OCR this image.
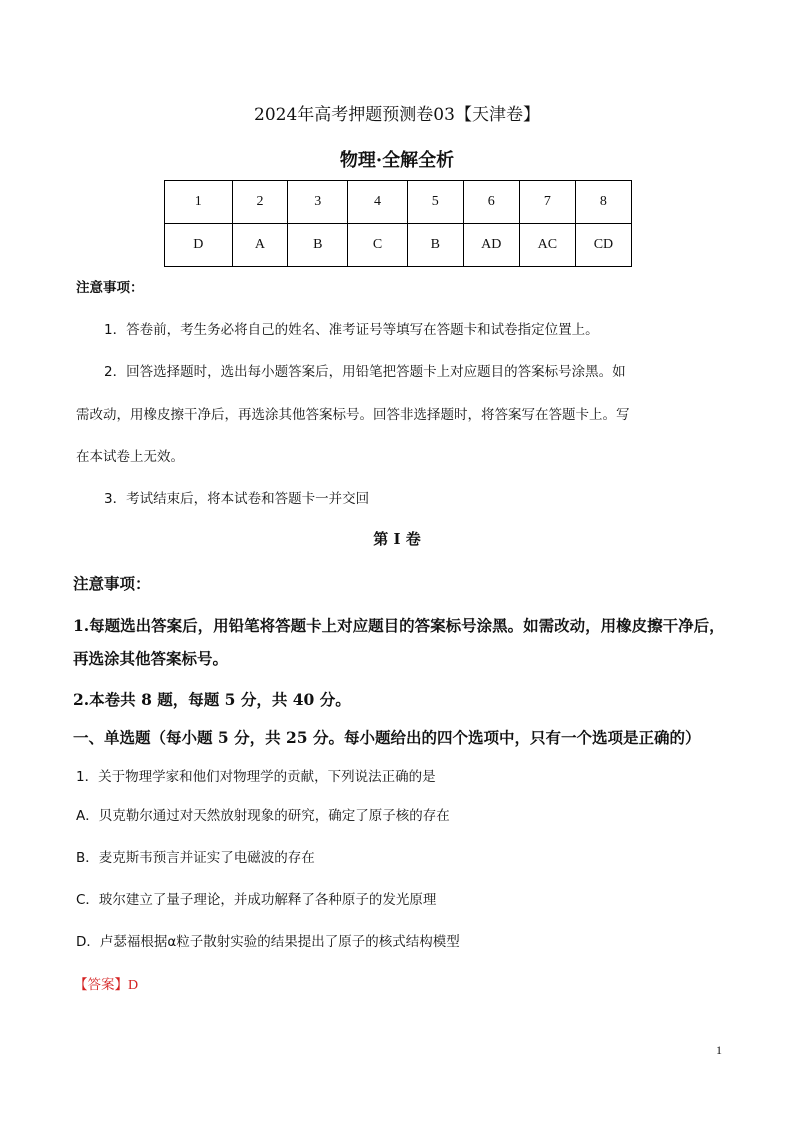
2024年高考押题预测卷03【天津卷】
物理·全解全析
1	2	3	4	5	6	7	8
D	A	B	C	B	AD	AC	CD
注意事项：
1．答卷前，考生务必将自己的姓名、准考证号等填写在答题卡和试卷指定位置上。
2．回答选择题时，选出每小题答案后，用铅笔把答题卡上对应题目的答案标号涂黑。如
需改动，用橡皮擦干净后，再选涂其他答案标号。回答非选择题时，将答案写在答题卡上。写
在本试卷上无效。
3．考试结束后，将本试卷和答题卡一并交回
第 I 卷
注意事项：
1.每题选出答案后，用铅笔将答题卡上对应题目的答案标号涂黑。如需改动，用橡皮擦干净后，
再选涂其他答案标号。
2.本卷共 8 题，每题 5 分，共 40 分。
一、单选题（每小题 5 分，共 25 分。每小题给出的四个选项中，只有一个选项是正确的）
1．关于物理学家和他们对物理学的贡献，下列说法正确的是
A．贝克勒尔通过对天然放射现象的研究，确定了原子核的存在
B．麦克斯韦预言并证实了电磁波的存在
C．玻尔建立了量子理论，并成功解释了各种原子的发光原理
D．卢瑟福根据α粒子散射实验的结果提出了原子的核式结构模型
【答案】D
1
